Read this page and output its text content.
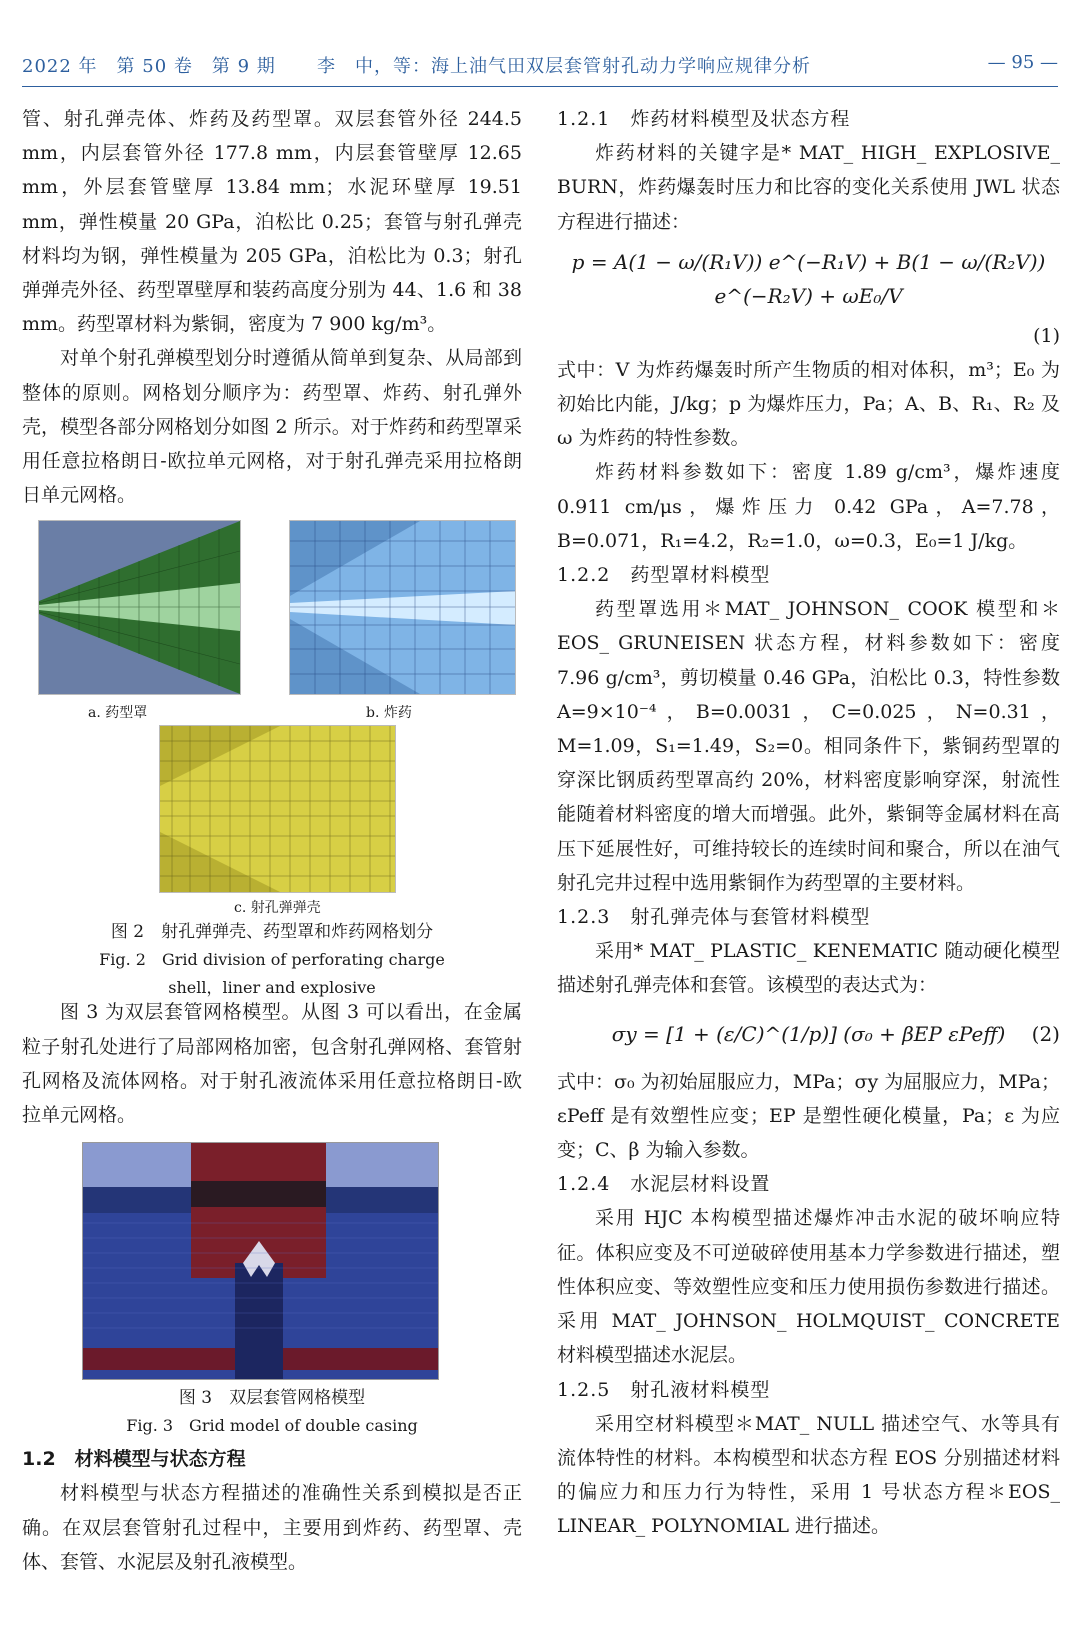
2022 年　第 50 卷　第 9 期 李　中，等：海上油气田双层套管射孔动力学响应规律分析	— 95 —

管、射孔弹壳体、炸药及药型罩。双层套管外径 244.5 mm，内层套管外径 177.8 mm，内层套管壁厚 12.65 mm，外层套管壁厚 13.84 mm；水泥环壁厚 19.51 mm，弹性模量 20 GPa，泊松比 0.25；套管与射孔弹壳材料均为钢，弹性模量为 205 GPa，泊松比为 0.3；射孔弹弹壳外径、药型罩壁厚和装药高度分别为 44、1.6 和 38 mm。药型罩材料为紫铜，密度为 7 900 kg/m³。

对单个射孔弹模型划分时遵循从简单到复杂、从局部到整体的原则。网格划分顺序为：药型罩、炸药、射孔弹外壳，模型各部分网格划分如图 2 所示。对于炸药和药型罩采用任意拉格朗日-欧拉单元网格，对于射孔弹壳采用拉格朗日单元网格。

a. 药型罩	b. 炸药
c. 射孔弹弹壳
图 2　射孔弹弹壳、药型罩和炸药网格划分
Fig. 2　Grid division of perforating charge
shell，liner and explosive

图 3 为双层套管网格模型。从图 3 可以看出，在金属粒子射孔处进行了局部网格加密，包含射孔弹网格、套管射孔网格及流体网格。对于射孔液流体采用任意拉格朗日-欧拉单元网格。

图 3　双层套管网格模型
Fig. 3　Grid model of double casing

1.2　材料模型与状态方程

材料模型与状态方程描述的准确性关系到模拟是否正确。在双层套管射孔过程中，主要用到炸药、药型罩、壳体、套管、水泥层及射孔液模型。

1.2.1　炸药材料模型及状态方程

炸药材料的关键字是* MAT_ HIGH_ EXPLOSIVE_ BURN，炸药爆轰时压力和比容的变化关系使用 JWL 状态方程进行描述：

p = A(1 − ω/(R₁V)) e^(−R₁V) + B(1 − ω/(R₂V)) e^(−R₂V) + ωE₀/V
(1)

式中：V 为炸药爆轰时所产生物质的相对体积，m³；E₀ 为初始比内能，J/kg；p 为爆炸压力，Pa；A、B、R₁、R₂ 及 ω 为炸药的特性参数。

炸药材料参数如下：密度 1.89 g/cm³，爆炸速度 0.911 cm/μs，爆炸压力 0.42 GPa，A=7.78，B=0.071，R₁=4.2，R₂=1.0，ω=0.3，E₀=1 J/kg。

1.2.2　药型罩材料模型

药型罩选用＊MAT_ JOHNSON_ COOK 模型和＊EOS_ GRUNEISEN 状态方程，材料参数如下：密度 7.96 g/cm³，剪切模量 0.46 GPa，泊松比 0.3，特性参数 A=9×10⁻⁴，B=0.0031，C=0.025，N=0.31，M=1.09，S₁=1.49，S₂=0。相同条件下，紫铜药型罩的穿深比钢质药型罩高约 20%，材料密度影响穿深，射流性能随着材料密度的增大而增强。此外，紫铜等金属材料在高压下延展性好，可维持较长的连续时间和聚合，所以在油气射孔完井过程中选用紫铜作为药型罩的主要材料。

1.2.3　射孔弹壳体与套管材料模型

采用* MAT_ PLASTIC_ KENEMATIC 随动硬化模型描述射孔弹壳体和套管。该模型的表达式为：

σy = [1 + (ε/C)^(1/p)] (σ₀ + βEP εPeff) (2)

式中：σ₀ 为初始屈服应力，MPa；σy 为屈服应力，MPa；εPeff 是有效塑性应变；EP 是塑性硬化模量，Pa；ε 为应变；C、β 为输入参数。

1.2.4　水泥层材料设置

采用 HJC 本构模型描述爆炸冲击水泥的破坏响应特征。体积应变及不可逆破碎使用基本力学参数进行描述，塑性体积应变、等效塑性应变和压力使用损伤参数进行描述。采用 MAT_ JOHNSON_ HOLMQUIST_ CONCRETE 材料模型描述水泥层。

1.2.5　射孔液材料模型

采用空材料模型＊MAT_ NULL 描述空气、水等具有流体特性的材料。本构模型和状态方程 EOS 分别描述材料的偏应力和压力行为特性，采用 1 号状态方程＊EOS_ LINEAR_ POLYNOMIAL 进行描述。
